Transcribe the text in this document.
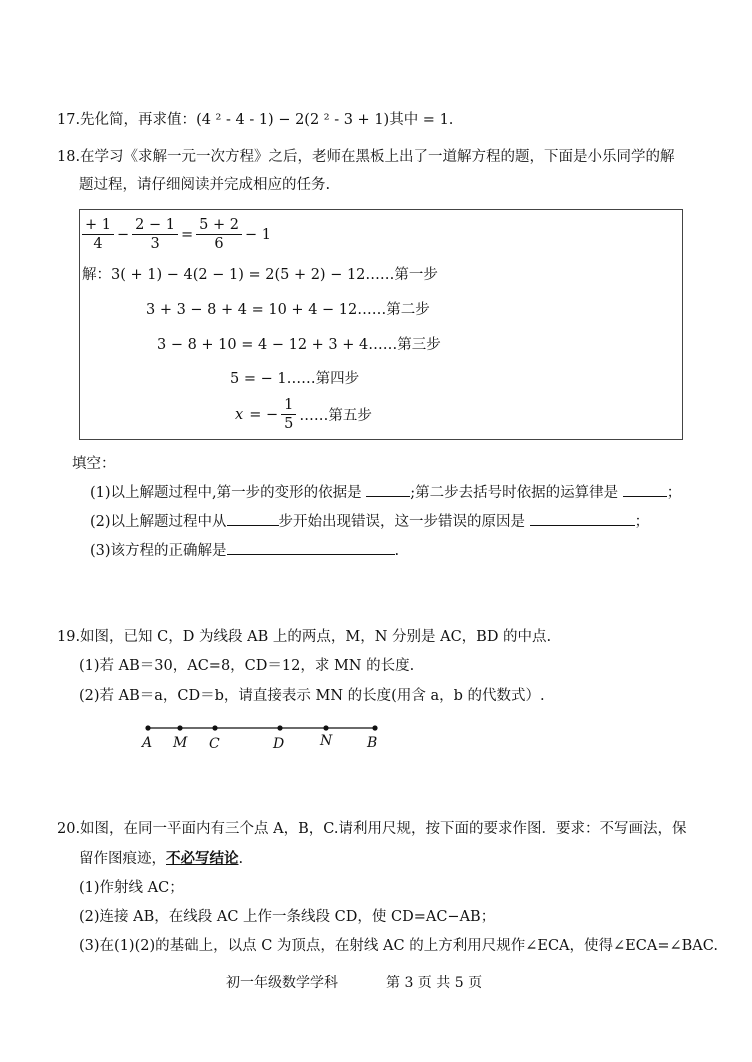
17.先化简，再求值：(4 ² - 4 - 1) − 2(2 ² - 3 + 1)其中 = 1.
18.在学习《求解一元一次方程》之后，老师在黑板上出了一道解方程的题，下面是小乐同学的解
题过程，请仔细阅读并完成相应的任务.
$\frac{+ 1}{4} - \frac{2 - 1}{3} = \frac{5 + 2}{6} - 1$
解：3( + 1) − 4(2 − 1) = 2(5 + 2) − 12……第一步
3 + 3 − 8 + 4 = 10 + 4 − 12……第二步
3 − 8 + 10 = 4 − 12 + 3 + 4……第三步
5 = − 1……第四步
x = − $\frac{1}{5}$ ……第五步
填空：
(1)以上解题过程中,第一步的变形的依据是	;第二步去括号时依据的运算律是	；
(2)以上解题过程中从	步开始出现错误，这一步错误的原因是	；
(3)该方程的正确解是	.
19.如图，已知 C，D 为线段 AB 上的两点，M，N 分别是 AC，BD 的中点.
(1)若 AB＝30，AC=8，CD＝12，求 MN 的长度.
(2)若 AB＝a，CD＝b，请直接表示 MN 的长度(用含 a，b 的代数式）.
A M C	D	N B
20.如图，在同一平面内有三个点 A，B，C.请利用尺规，按下面的要求作图．要求：不写画法，保
留作图痕迹，不必写结论.
(1)作射线 AC；
(2)连接 AB，在线段 AC 上作一条线段 CD，使 CD=AC−AB；
(3)在(1)(2)的基础上，以点 C 为顶点，在射线 AC 的上方利用尺规作∠ECA，使得∠ECA=∠BAC.
初一年级数学学科	第 3 页 共 5 页
